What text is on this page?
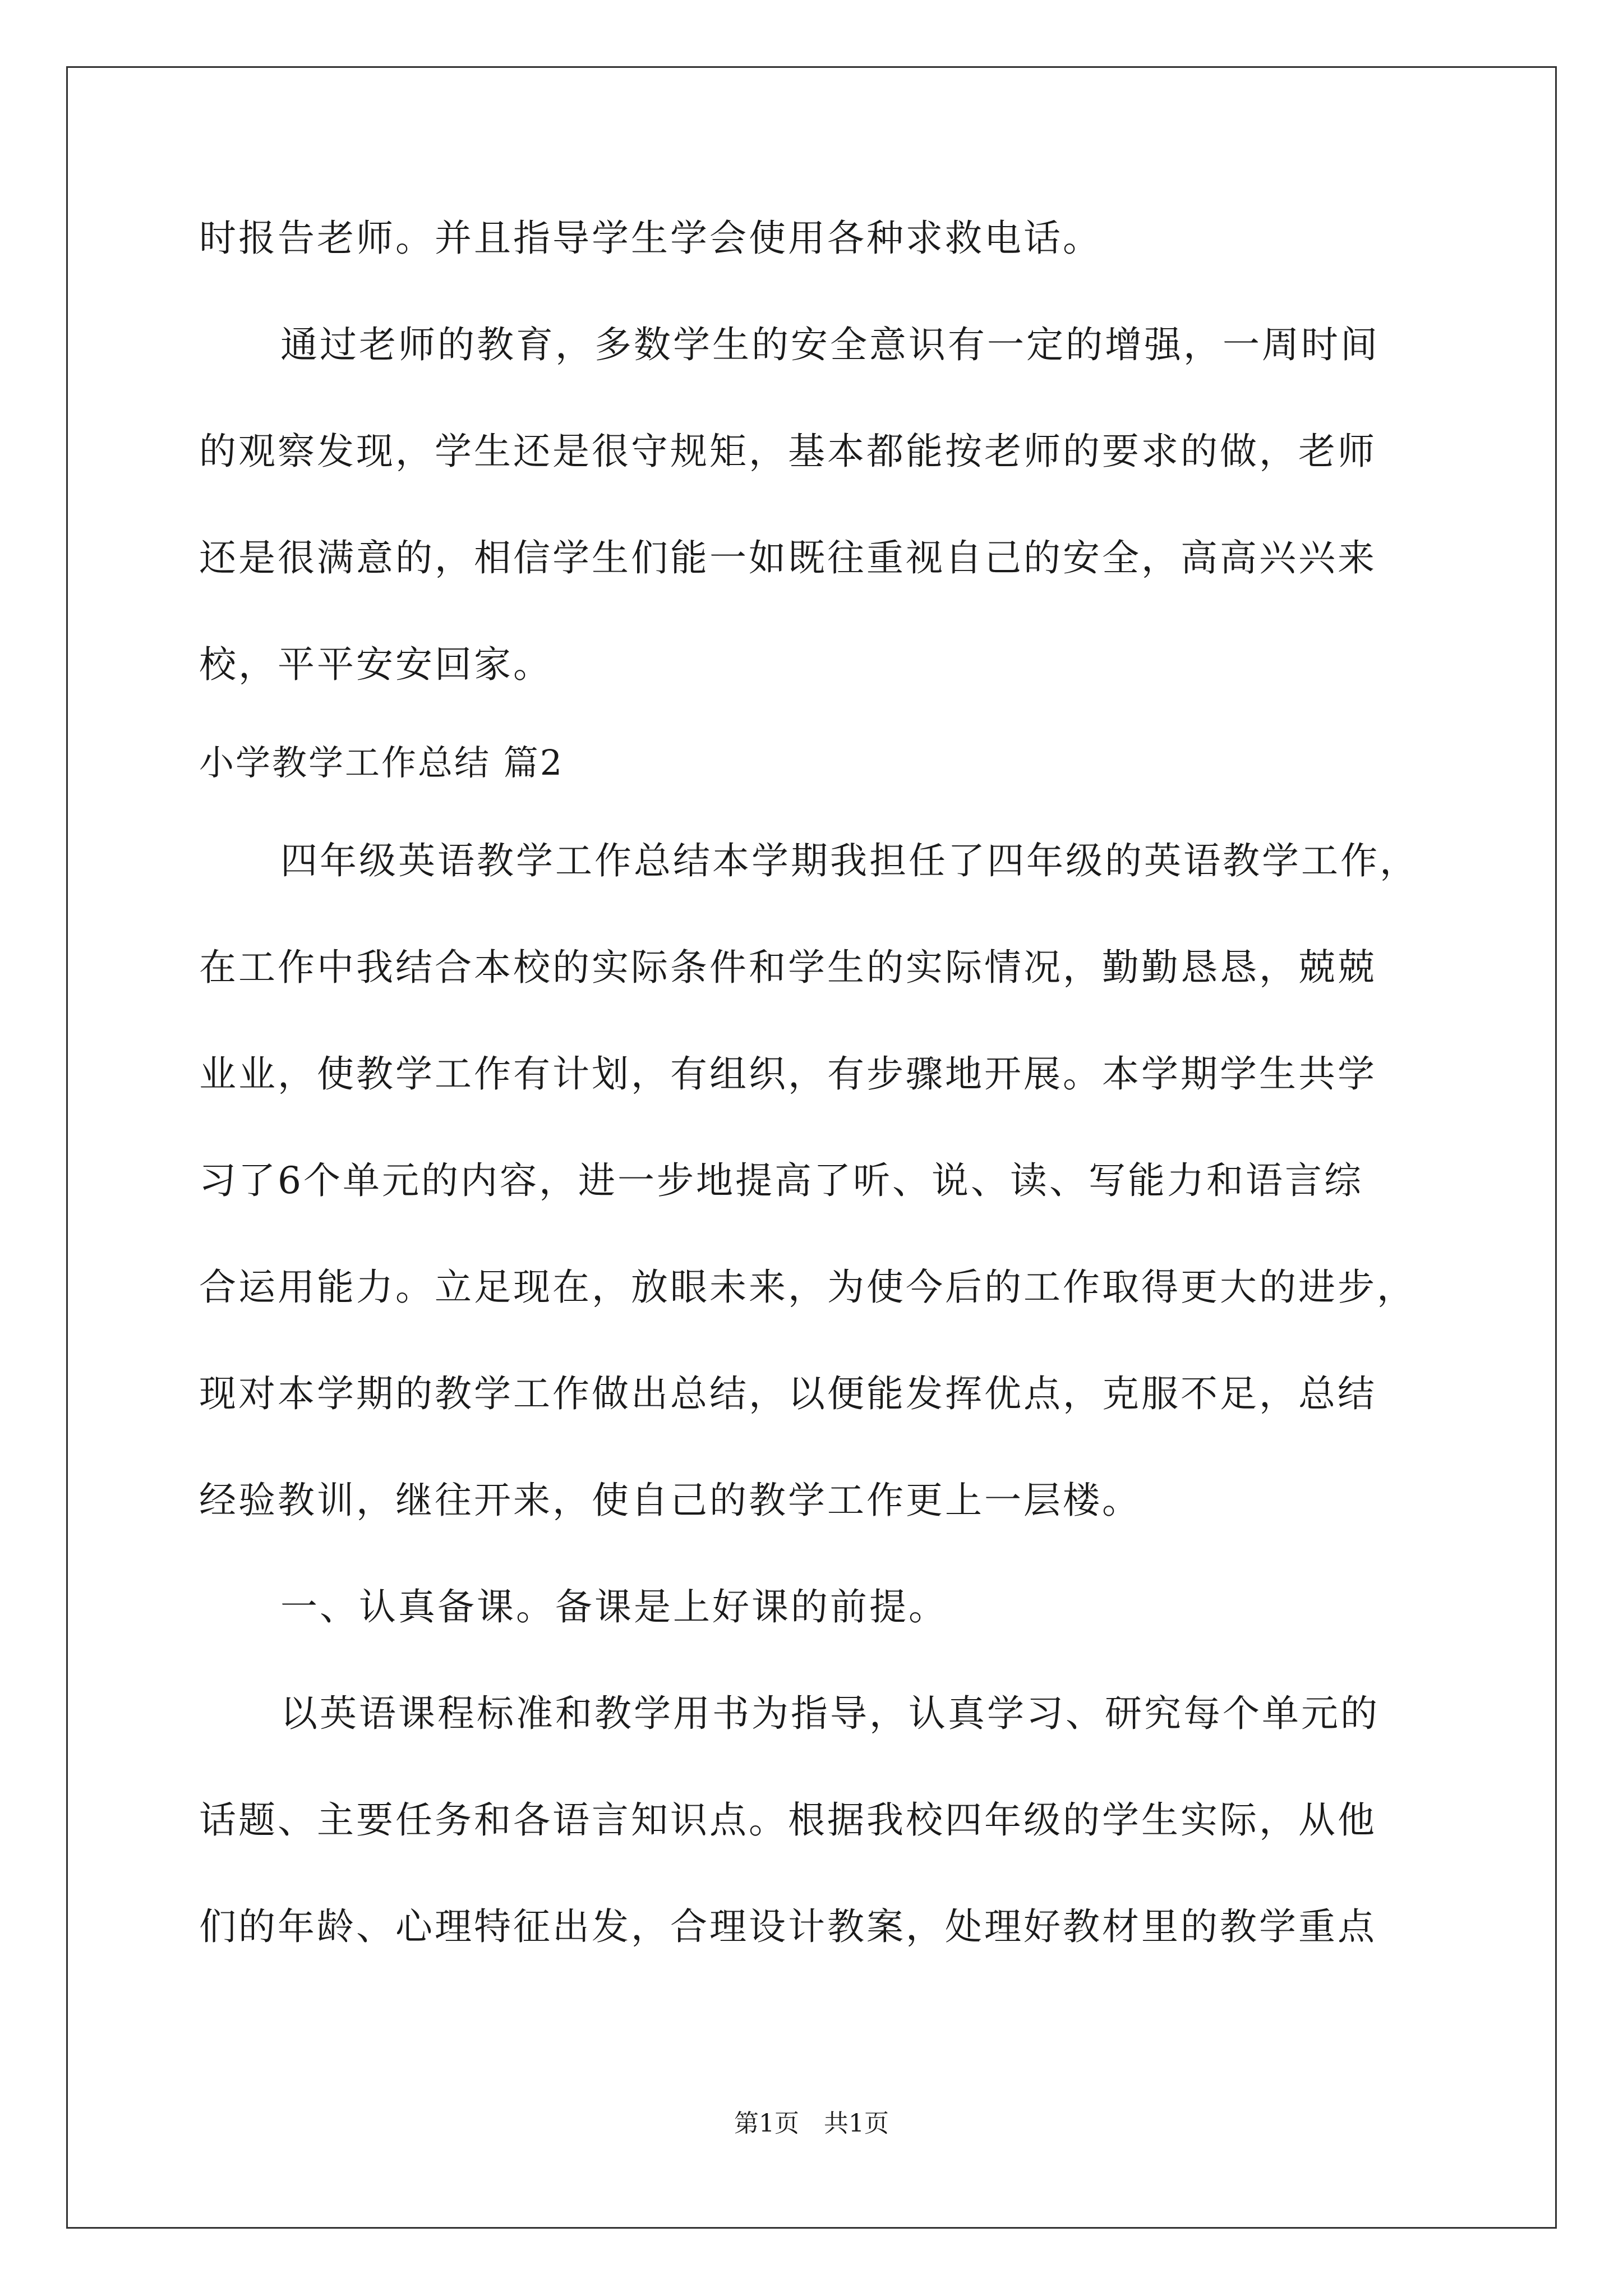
时报告老师。并且指导学生学会使用各种求救电话。
通过老师的教育，多数学生的安全意识有一定的增强，一周时间
的观察发现，学生还是很守规矩，基本都能按老师的要求的做，老师
还是很满意的，相信学生们能一如既往重视自己的安全，高高兴兴来
校，平平安安回家。
小学教学工作总结 篇2
四年级英语教学工作总结本学期我担任了四年级的英语教学工作，
在工作中我结合本校的实际条件和学生的实际情况，勤勤恳恳，兢兢
业业，使教学工作有计划，有组织，有步骤地开展。本学期学生共学
习了6个单元的内容，进一步地提高了听、说、读、写能力和语言综
合运用能力。立足现在，放眼未来，为使今后的工作取得更大的进步，
现对本学期的教学工作做出总结，以便能发挥优点，克服不足，总结
经验教训，继往开来，使自己的教学工作更上一层楼。
一、认真备课。备课是上好课的前提。
以英语课程标准和教学用书为指导，认真学习、研究每个单元的
话题、主要任务和各语言知识点。根据我校四年级的学生实际，从他
们的年龄、心理特征出发，合理设计教案，处理好教材里的教学重点
第1页　共1页
